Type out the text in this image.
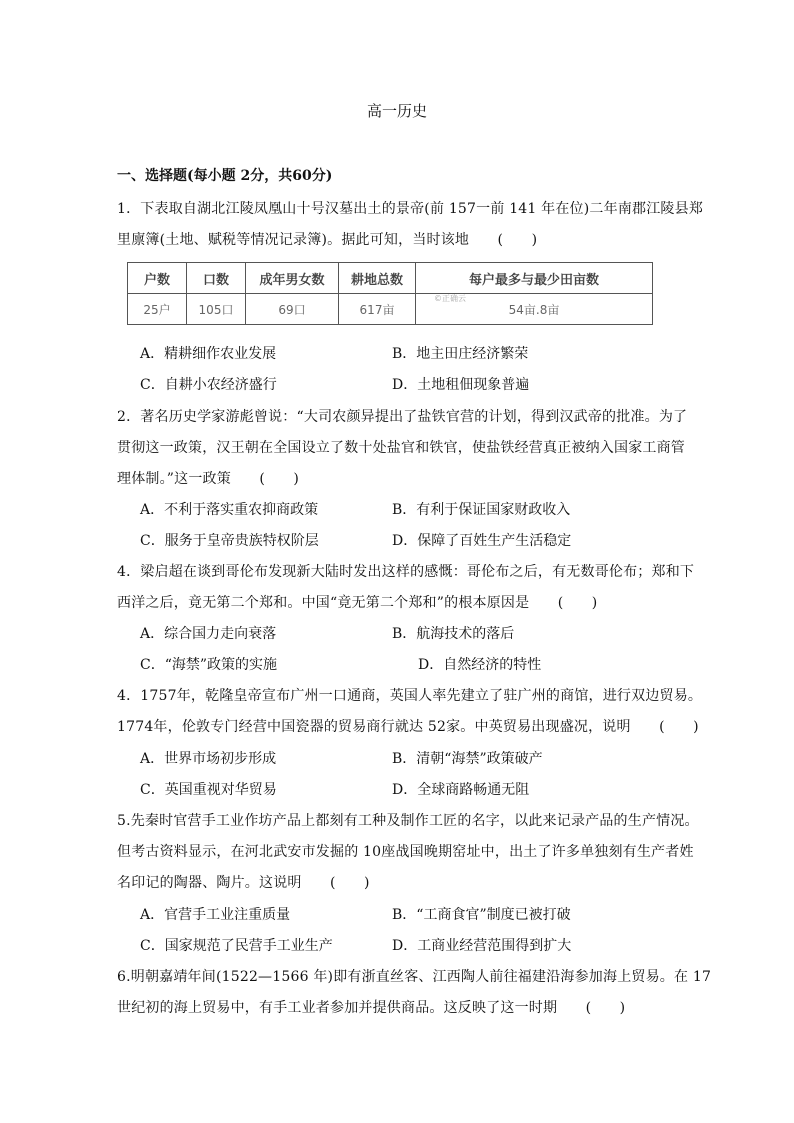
高一历史
一、选择题(每小题 2分，共60分)
1．下表取自湖北江陵凤凰山十号汉墓出土的景帝(前 157一前 141 年在位)二年南郡江陵县郑
里廪簿(土地、赋税等情况记录簿)。据此可知，当时该地　　(　　)
户数	口数	成年男女数	耕地总数	每户最多与最少田亩数
25户	105口	69口	617亩	54亩.8亩
©正确云
A．精耕细作农业发展	B．地主田庄经济繁荣
C．自耕小农经济盛行	D．土地租佃现象普遍
2．著名历史学家游彪曾说：“大司农颜异提出了盐铁官营的计划，得到汉武帝的批准。为了
贯彻这一政策，汉王朝在全国设立了数十处盐官和铁官，使盐铁经营真正被纳入国家工商管
理体制。”这一政策　　(　　)
A．不利于落实重农抑商政策	B．有利于保证国家财政收入
C．服务于皇帝贵族特权阶层	D．保障了百姓生产生活稳定
4．梁启超在谈到哥伦布发现新大陆时发出这样的感慨：哥伦布之后，有无数哥伦布；郑和下
西洋之后，竟无第二个郑和。中国“竟无第二个郑和”的根本原因是　　(　　)
A．综合国力走向衰落	B．航海技术的落后
C．“海禁”政策的实施	D．自然经济的特性
4．1757年，乾隆皇帝宣布广州一口通商，英国人率先建立了驻广州的商馆，进行双边贸易。
1774年，伦敦专门经营中国瓷器的贸易商行就达 52家。中英贸易出现盛况，说明　　(　　)
A．世界市场初步形成	B．清朝“海禁”政策破产
C．英国重视对华贸易	D．全球商路畅通无阻
5.先秦时官营手工业作坊产品上都刻有工种及制作工匠的名字，以此来记录产品的生产情况。
但考古资料显示，在河北武安市发掘的 10座战国晚期窑址中，出土了许多单独刻有生产者姓
名印记的陶器、陶片。这说明　　(　　)
A．官营手工业注重质量	B．“工商食官”制度已被打破
C．国家规范了民营手工业生产	D．工商业经营范围得到扩大
6.明朝嘉靖年间(1522—1566 年)即有浙直丝客、江西陶人前往福建沿海参加海上贸易。在 17
世纪初的海上贸易中，有手工业者参加并提供商品。这反映了这一时期　　(　　)
